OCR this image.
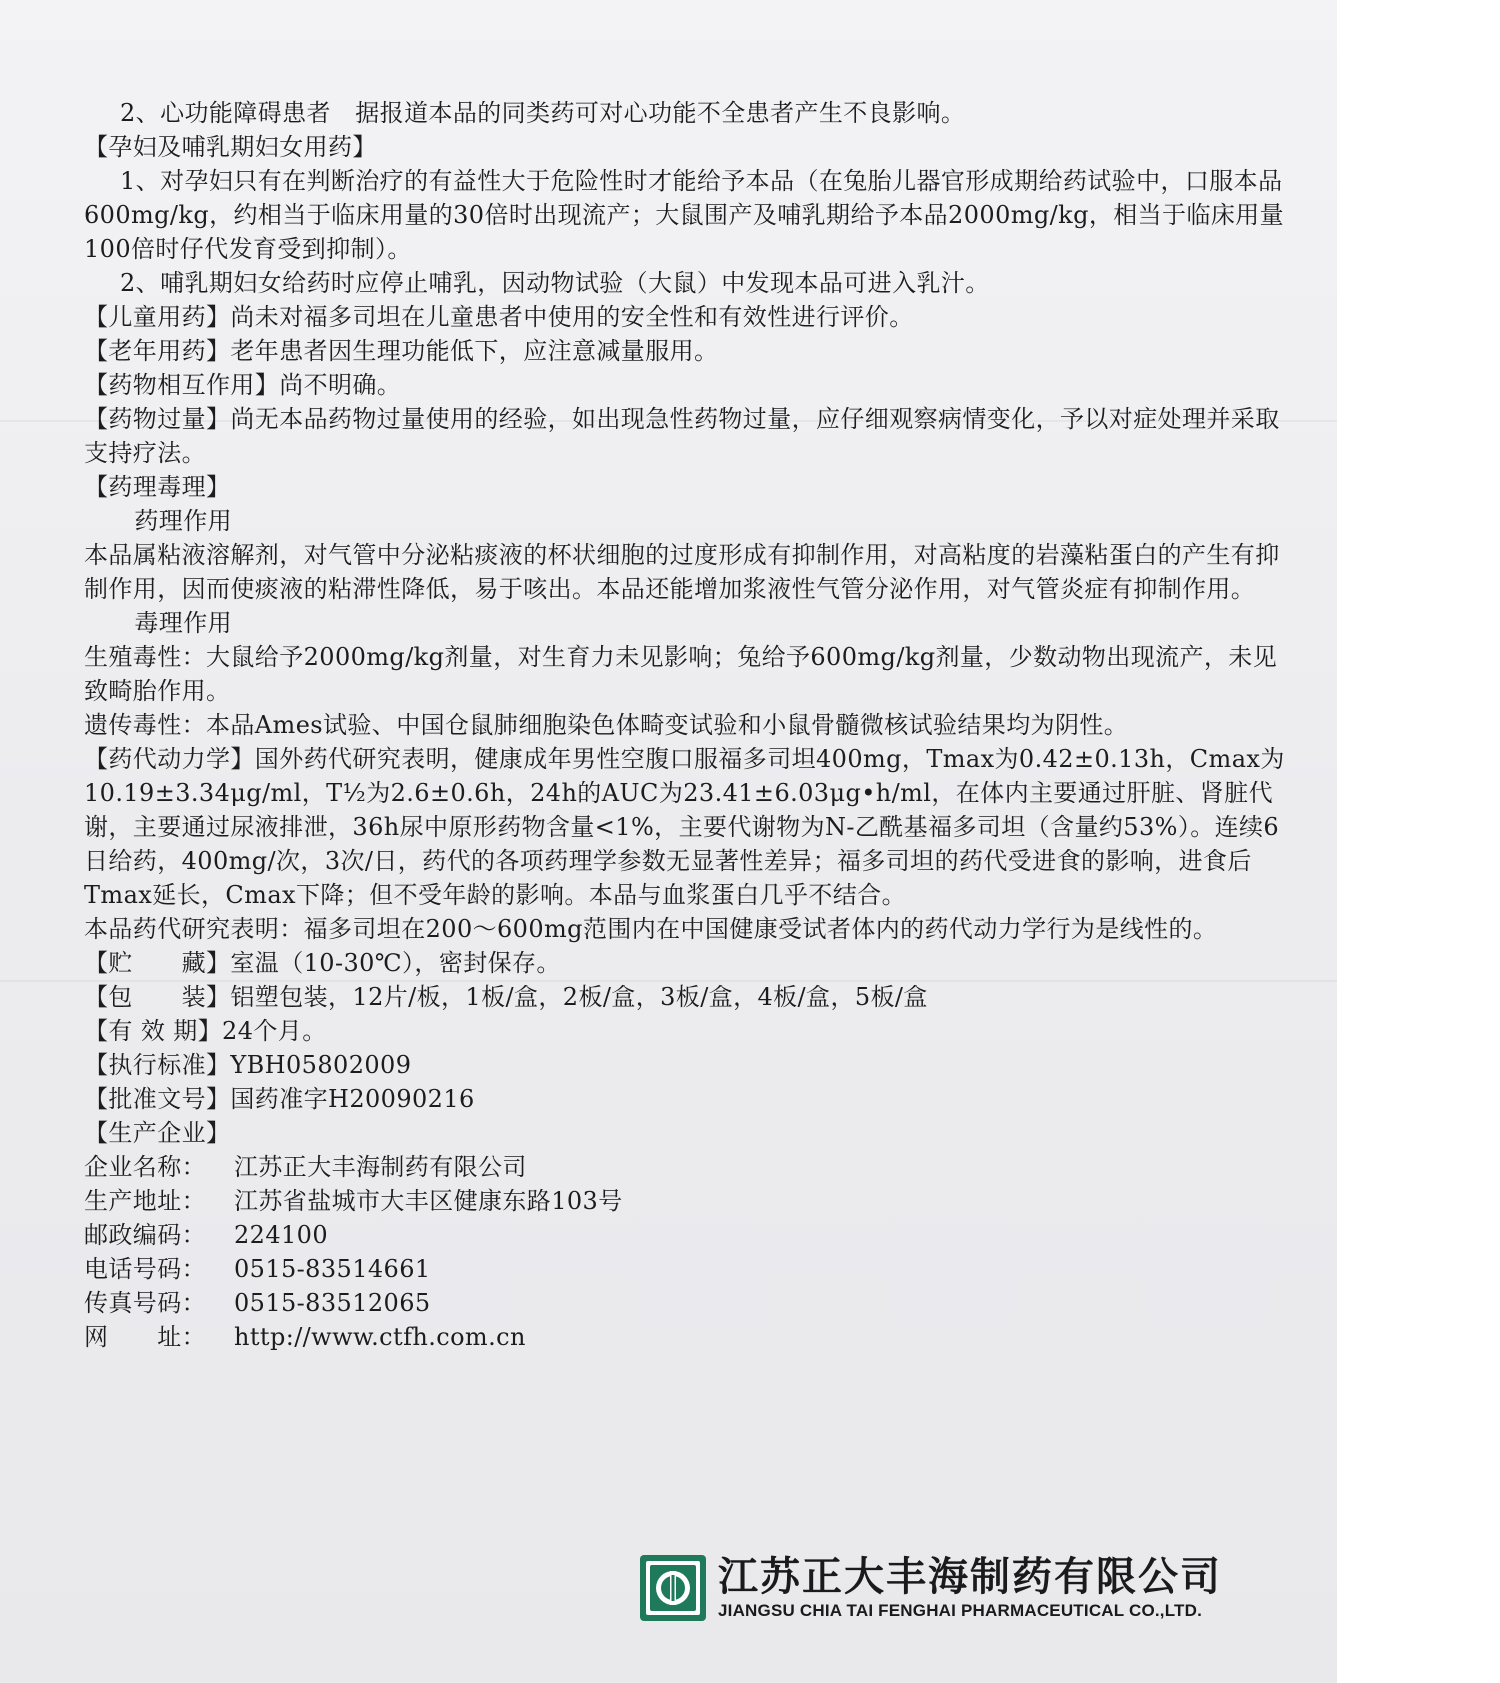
2、心功能障碍患者　据报道本品的同类药可对心功能不全患者产生不良影响。

【孕妇及哺乳期妇女用药】

1、对孕妇只有在判断治疗的有益性大于危险性时才能给予本品（在兔胎儿器官形成期给药试验中，口服本品600mg/kg，约相当于临床用量的30倍时出现流产；大鼠围产及哺乳期给予本品2000mg/kg，相当于临床用量100倍时仔代发育受到抑制）。

2、哺乳期妇女给药时应停止哺乳，因动物试验（大鼠）中发现本品可进入乳汁。

【儿童用药】尚未对福多司坦在儿童患者中使用的安全性和有效性进行评价。

【老年用药】老年患者因生理功能低下，应注意减量服用。

【药物相互作用】尚不明确。

【药物过量】尚无本品药物过量使用的经验，如出现急性药物过量，应仔细观察病情变化，予以对症处理并采取支持疗法。

【药理毒理】

药理作用

本品属粘液溶解剂，对气管中分泌粘痰液的杯状细胞的过度形成有抑制作用，对高粘度的岩藻粘蛋白的产生有抑制作用，因而使痰液的粘滞性降低，易于咳出。本品还能增加浆液性气管分泌作用，对气管炎症有抑制作用。

毒理作用

生殖毒性：大鼠给予2000mg/kg剂量，对生育力未见影响；兔给予600mg/kg剂量，少数动物出现流产，未见致畸胎作用。

遗传毒性：本品Ames试验、中国仓鼠肺细胞染色体畸变试验和小鼠骨髓微核试验结果均为阴性。

【药代动力学】国外药代研究表明，健康成年男性空腹口服福多司坦400mg，Tmax为0.42±0.13h，Cmax为10.19±3.34μg/ml，T½为2.6±0.6h，24h的AUC为23.41±6.03μg•h/ml，在体内主要通过肝脏、肾脏代谢，主要通过尿液排泄，36h尿中原形药物含量<1%，主要代谢物为N-乙酰基福多司坦（含量约53%）。连续6日给药，400mg/次，3次/日，药代的各项药理学参数无显著性差异；福多司坦的药代受进食的影响，进食后Tmax延长，Cmax下降；但不受年龄的影响。本品与血浆蛋白几乎不结合。

本品药代研究表明：福多司坦在200～600mg范围内在中国健康受试者体内的药代动力学行为是线性的。

【贮　　藏】室温（10-30℃），密封保存。

【包　　装】铝塑包装，12片/板，1板/盒，2板/盒，3板/盒，4板/盒，5板/盒

【有 效 期】24个月。

【执行标准】YBH05802009

【批准文号】国药准字H20090216

【生产企业】

企业名称：	江苏正大丰海制药有限公司
生产地址：	江苏省盐城市大丰区健康东路103号
邮政编码：	224100
电话号码：	0515-83514661
传真号码：	0515-83512065
网　　址：	http://www.ctfh.com.cn
江苏正大丰海制药有限公司
JIANGSU CHIA TAI FENGHAI PHARMACEUTICAL CO.,LTD.
